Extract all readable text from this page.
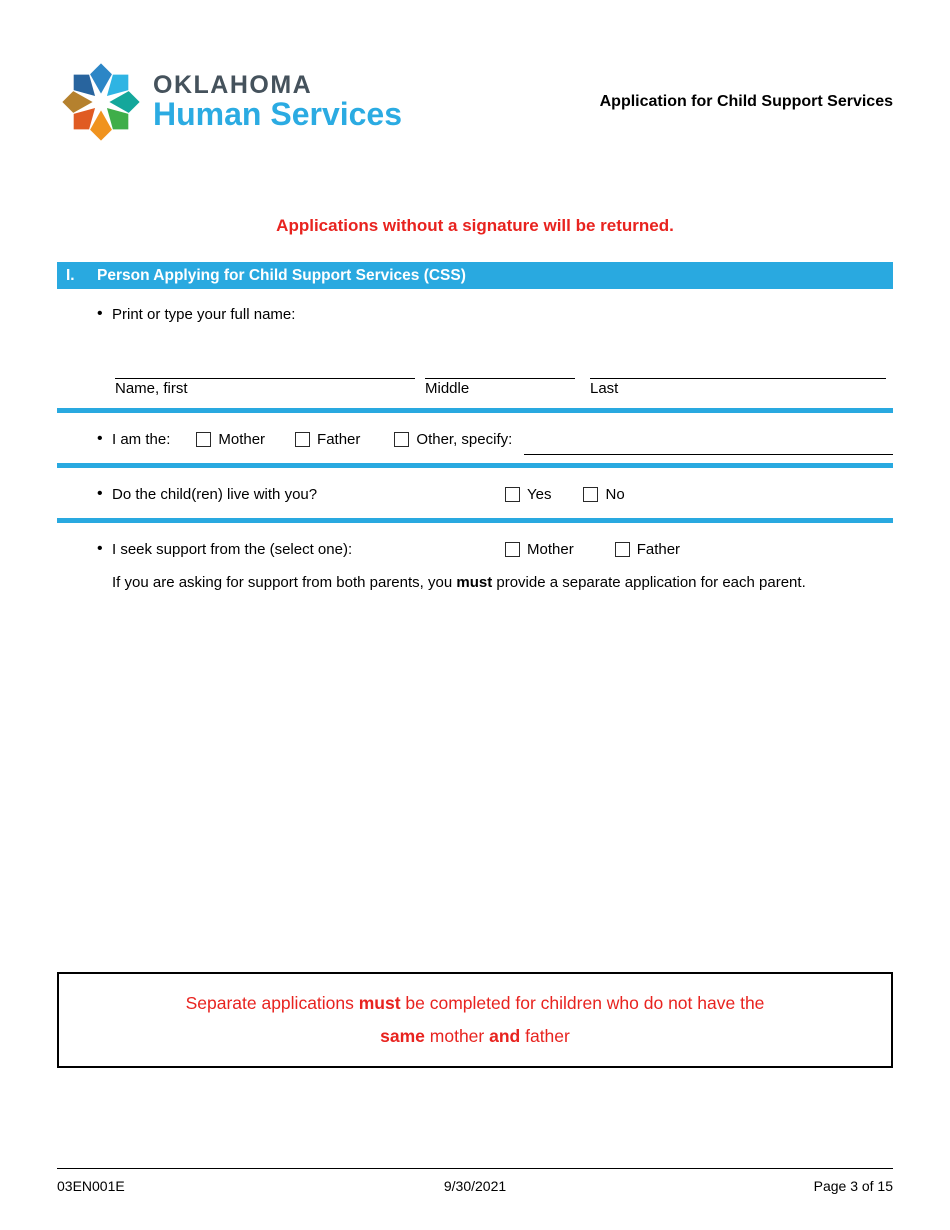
OKLAHOMA
Human Services	Application for Child Support Services
Applications without a signature will be returned.
I.	Person Applying for Child Support Services (CSS)
•
Print or type your full name:
Name, first	Middle	Last
•
I am the:	Mother	Father	Other, specify:
•
Do the child(ren) live with you?	Yes	No
•
I seek support from the (select one):	Mother	Father
If you are asking for support from both parents, you must provide a separate application for each parent.
Separate applications must be completed for children who do not have the
same mother and father
03EN001E	9/30/2021	Page 3 of 15
